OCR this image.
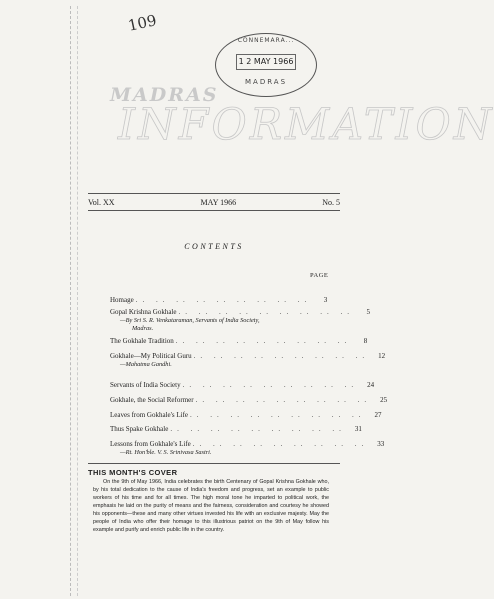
109
MADRAS
INFORMATION
CONNEMARA...
1 2 MAY 1966
MADRAS
Vol. XX	MAY 1966	No. 5
CONTENTS
PAGE
Homage .. .. .. .. .. .. .. .. ..	3
Gopal Krishna Gokhale .. .. .. .. .. .. .. .. ..	5
—By Sri S. R. Venkataraman, Servants of India Society,
Madras.
The Gokhale Tradition .. .. .. .. .. .. .. .. ..	8
Gokhale—My Political Guru .. .. .. .. .. .. .. .. ..	12
—Mahatma Gandhi.
Servants of India Society .. .. .. .. .. .. .. .. ..	24
Gokhale, the Social Reformer .. .. .. .. .. .. .. .. ..	25
Leaves from Gokhale's Life .. .. .. .. .. .. .. .. ..	27
Thus Spake Gokhale .. .. .. .. .. .. .. .. ..	31
Lessons from Gokhale's Life .. .. .. .. .. .. .. .. ..	33
—Rt. Hon'ble. V. S. Srinivasa Sastri.
THIS MONTH'S COVER
On the 9th of May 1966, India celebrates the birth Centenary of Gopal Krishna Gokhale who, by his total dedication to the cause of India's freedom and progress, set an example to public workers of his time and for all times. The high moral tone he imparted to political work, the emphasis he laid on the purity of means and the fairness, consideration and courtesy he showed his opponents—these and many other virtues invested his life with an exclusive majesty. May the people of India who offer their homage to this illustrious patriot on the 9th of May follow his example and purify and enrich public life in the country.
